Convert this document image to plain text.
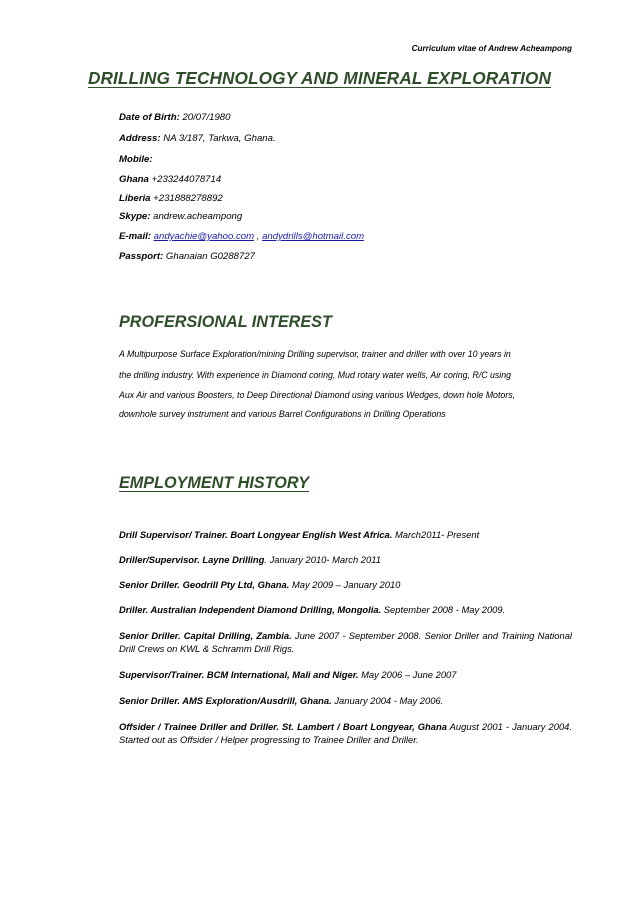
Curriculum vitae of Andrew Acheampong
DRILLING TECHNOLOGY AND MINERAL EXPLORATION
Date of Birth: 20/07/1980
Address: NA 3/187, Tarkwa, Ghana.
Mobile:
Ghana +233244078714
Liberia +231888278892
Skype: andrew.acheampong
E-mail: andyachie@yahoo.com , andydrills@hotmail.com
Passport: Ghanaian G0288727
PROFERSIONAL INTEREST
A Multipurpose Surface Exploration/mining Drilling supervisor, trainer and driller with over 10 years in
the drilling industry. With experience in Diamond coring, Mud rotary water wells, Air coring, R/C using
Aux Air and various Boosters, to Deep Directional Diamond using various Wedges, down hole Motors,
downhole survey instrument and various Barrel Configurations in Drilling Operations
EMPLOYMENT HISTORY
Drill Supervisor/ Trainer. Boart Longyear English West Africa. March2011- Present
Driller/Supervisor. Layne Drilling. January 2010- March 2011
Senior Driller. Geodrill Pty Ltd, Ghana. May 2009 – January 2010
Driller. Australian Independent Diamond Drilling, Mongolia. September 2008 - May 2009.
Senior Driller. Capital Drilling, Zambia. June 2007 - September 2008. Senior Driller and Training National Drill Crews on KWL & Schramm Drill Rigs.
Supervisor/Trainer. BCM International, Mali and Niger. May 2006 – June 2007
Senior Driller. AMS Exploration/Ausdrill, Ghana. January 2004 - May 2006.
Offsider / Trainee Driller and Driller. St. Lambert / Boart Longyear, Ghana August 2001 - January 2004. Started out as Offsider / Helper progressing to Trainee Driller and Driller.
